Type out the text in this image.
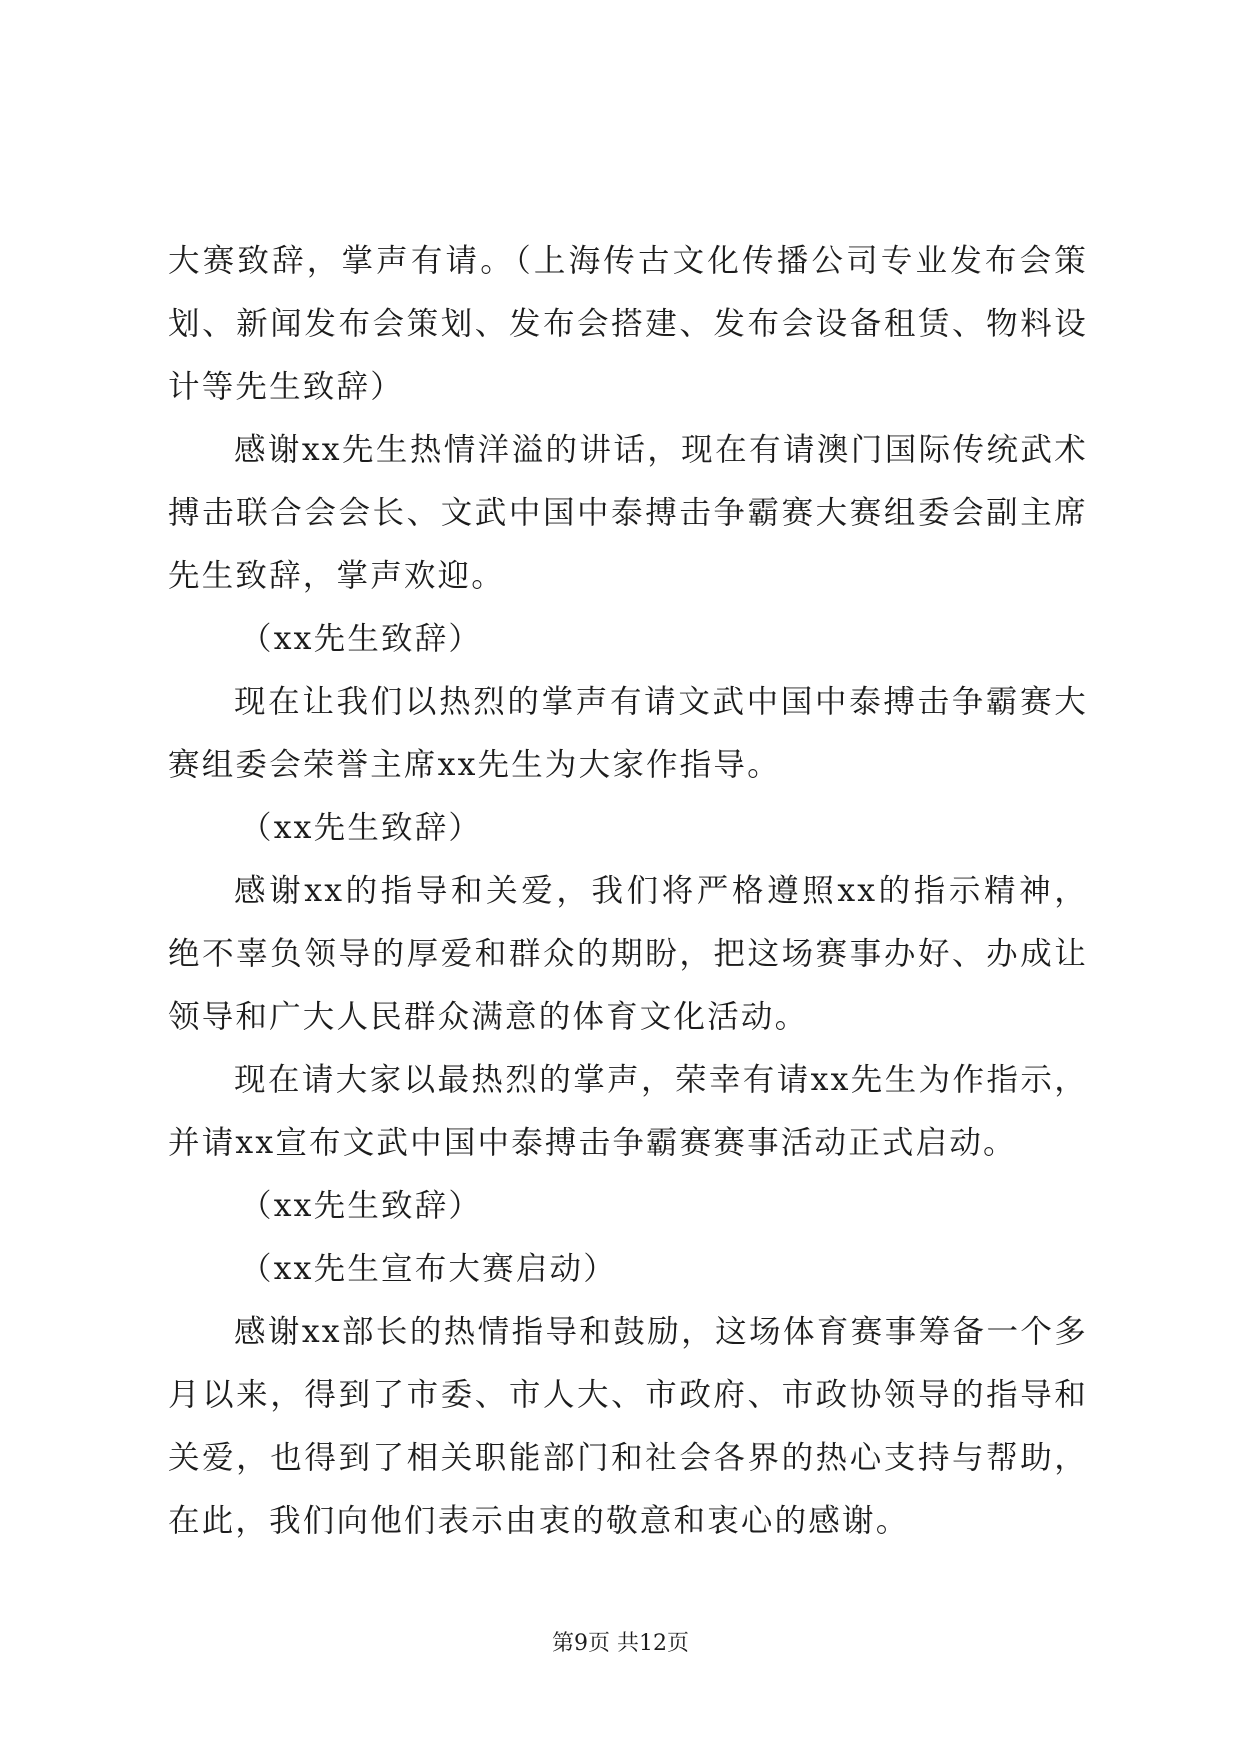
大赛致辞，掌声有请。（上海传古文化传播公司专业发布会策划、新闻发布会策划、发布会搭建、发布会设备租赁、物料设计等先生致辞）

感谢xx先生热情洋溢的讲话，现在有请澳门国际传统武术搏击联合会会长、文武中国中泰搏击争霸赛大赛组委会副主席先生致辞，掌声欢迎。

（xx先生致辞）

现在让我们以热烈的掌声有请文武中国中泰搏击争霸赛大赛组委会荣誉主席xx先生为大家作指导。

（xx先生致辞）

感谢xx的指导和关爱，我们将严格遵照xx的指示精神，绝不辜负领导的厚爱和群众的期盼，把这场赛事办好、办成让领导和广大人民群众满意的体育文化活动。

现在请大家以最热烈的掌声，荣幸有请xx先生为作指示，并请xx宣布文武中国中泰搏击争霸赛赛事活动正式启动。

（xx先生致辞）

（xx先生宣布大赛启动）

感谢xx部长的热情指导和鼓励，这场体育赛事筹备一个多月以来，得到了市委、市人大、市政府、市政协领导的指导和关爱，也得到了相关职能部门和社会各界的热心支持与帮助，在此，我们向他们表示由衷的敬意和衷心的感谢。

第9页 共12页
